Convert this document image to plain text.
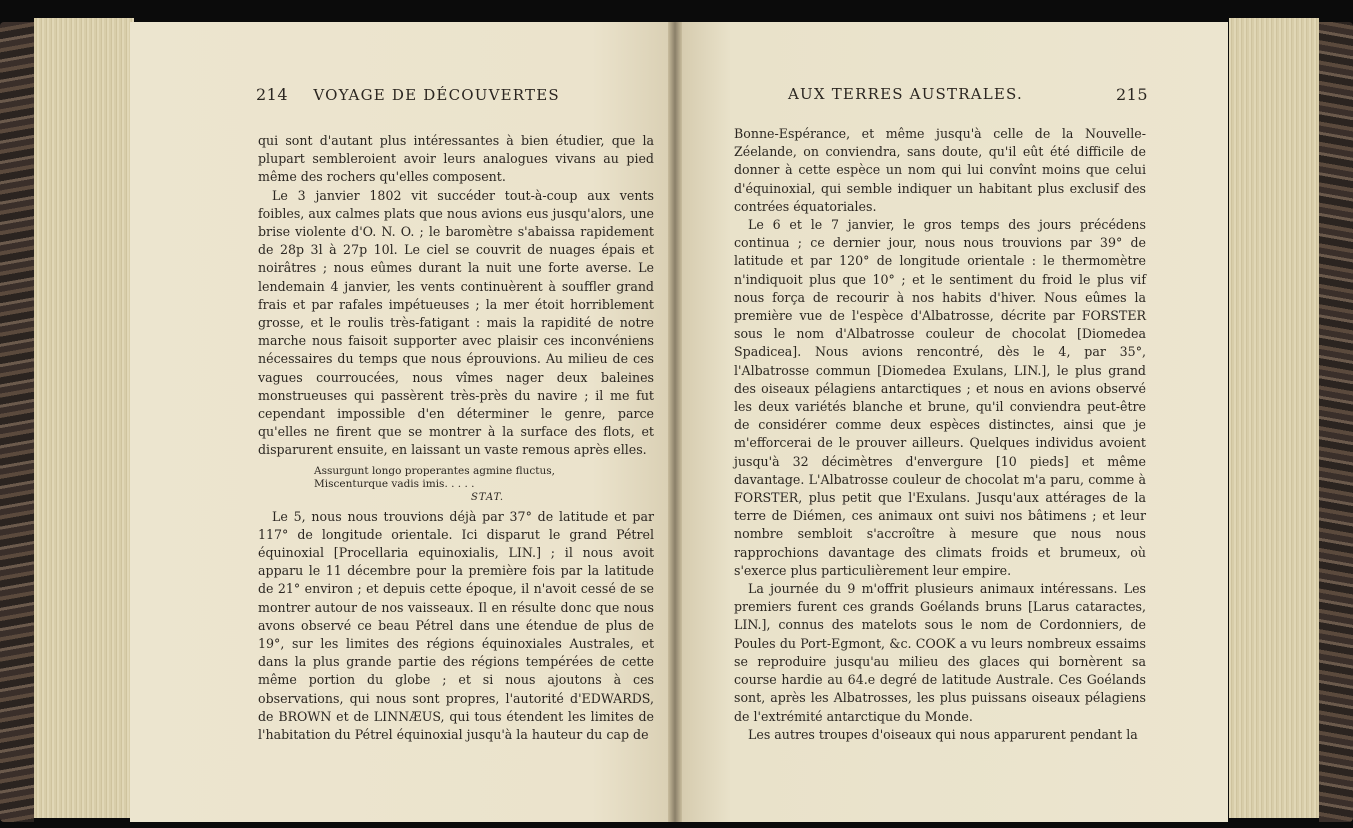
214 VOYAGE DE DÉCOUVERTES

qui sont d'autant plus intéressantes à bien étudier, que la plupart sembleroient avoir leurs analogues vivans au pied même des rochers qu'elles composent.

Le 3 janvier 1802 vit succéder tout-à-coup aux vents foibles, aux calmes plats que nous avions eus jusqu'alors, une brise violente d'O. N. O. ; le baromètre s'abaissa rapidement de 28p 3l à 27p 10l. Le ciel se couvrit de nuages épais et noirâtres ; nous eûmes durant la nuit une forte averse. Le lendemain 4 janvier, les vents continuèrent à souffler grand frais et par rafales impétueuses ; la mer étoit horriblement grosse, et le roulis très-fatigant : mais la rapidité de notre marche nous faisoit supporter avec plaisir ces inconvéniens nécessaires du temps que nous éprouvions. Au milieu de ces vagues courroucées, nous vîmes nager deux baleines monstrueuses qui passèrent très-près du navire ; il me fut cependant impossible d'en déterminer le genre, parce qu'elles ne firent que se montrer à la surface des flots, et disparurent ensuite, en laissant un vaste remous après elles.

Assurgunt longo properantes agmine fluctus,
Miscenturque vadis imis. . . . .
STAT.

Le 5, nous nous trouvions déjà par 37° de latitude et par 117° de longitude orientale. Ici disparut le grand Pétrel équinoxial [Procellaria equinoxialis, LIN.] ; il nous avoit apparu le 11 décembre pour la première fois par la latitude de 21° environ ; et depuis cette époque, il n'avoit cessé de se montrer autour de nos vaisseaux. Il en résulte donc que nous avons observé ce beau Pétrel dans une étendue de plus de 19°, sur les limites des régions équinoxiales Australes, et dans la plus grande partie des régions tempérées de cette même portion du globe ; et si nous ajoutons à ces observations, qui nous sont propres, l'autorité d'EDWARDS, de BROWN et de LINNÆUS, qui tous étendent les limites de l'habitation du Pétrel équinoxial jusqu'à la hauteur du cap de

AUX TERRES AUSTRALES.	215

Bonne-Espérance, et même jusqu'à celle de la Nouvelle-Zéelande, on conviendra, sans doute, qu'il eût été difficile de donner à cette espèce un nom qui lui convînt moins que celui d'équinoxial, qui semble indiquer un habitant plus exclusif des contrées équatoriales.

Le 6 et le 7 janvier, le gros temps des jours précédens continua ; ce dernier jour, nous nous trouvions par 39° de latitude et par 120° de longitude orientale : le thermomètre n'indiquoit plus que 10° ; et le sentiment du froid le plus vif nous força de recourir à nos habits d'hiver. Nous eûmes la première vue de l'espèce d'Albatrosse, décrite par FORSTER sous le nom d'Albatrosse couleur de chocolat [Diomedea Spadicea]. Nous avions rencontré, dès le 4, par 35°, l'Albatrosse commun [Diomedea Exulans, LIN.], le plus grand des oiseaux pélagiens antarctiques ; et nous en avions observé les deux variétés blanche et brune, qu'il conviendra peut-être de considérer comme deux espèces distinctes, ainsi que je m'efforcerai de le prouver ailleurs. Quelques individus avoient jusqu'à 32 décimètres d'envergure [10 pieds] et même davantage. L'Albatrosse couleur de chocolat m'a paru, comme à FORSTER, plus petit que l'Exulans. Jusqu'aux attérages de la terre de Diémen, ces animaux ont suivi nos bâtimens ; et leur nombre sembloit s'accroître à mesure que nous nous rapprochions davantage des climats froids et brumeux, où s'exerce plus particulièrement leur empire.

La journée du 9 m'offrit plusieurs animaux intéressans. Les premiers furent ces grands Goélands bruns [Larus cataractes, LIN.], connus des matelots sous le nom de Cordonniers, de Poules du Port-Egmont, &c. COOK a vu leurs nombreux essaims se reproduire jusqu'au milieu des glaces qui bornèrent sa course hardie au 64.e degré de latitude Australe. Ces Goélands sont, après les Albatrosses, les plus puissans oiseaux pélagiens de l'extrémité antarctique du Monde.

Les autres troupes d'oiseaux qui nous apparurent pendant la
